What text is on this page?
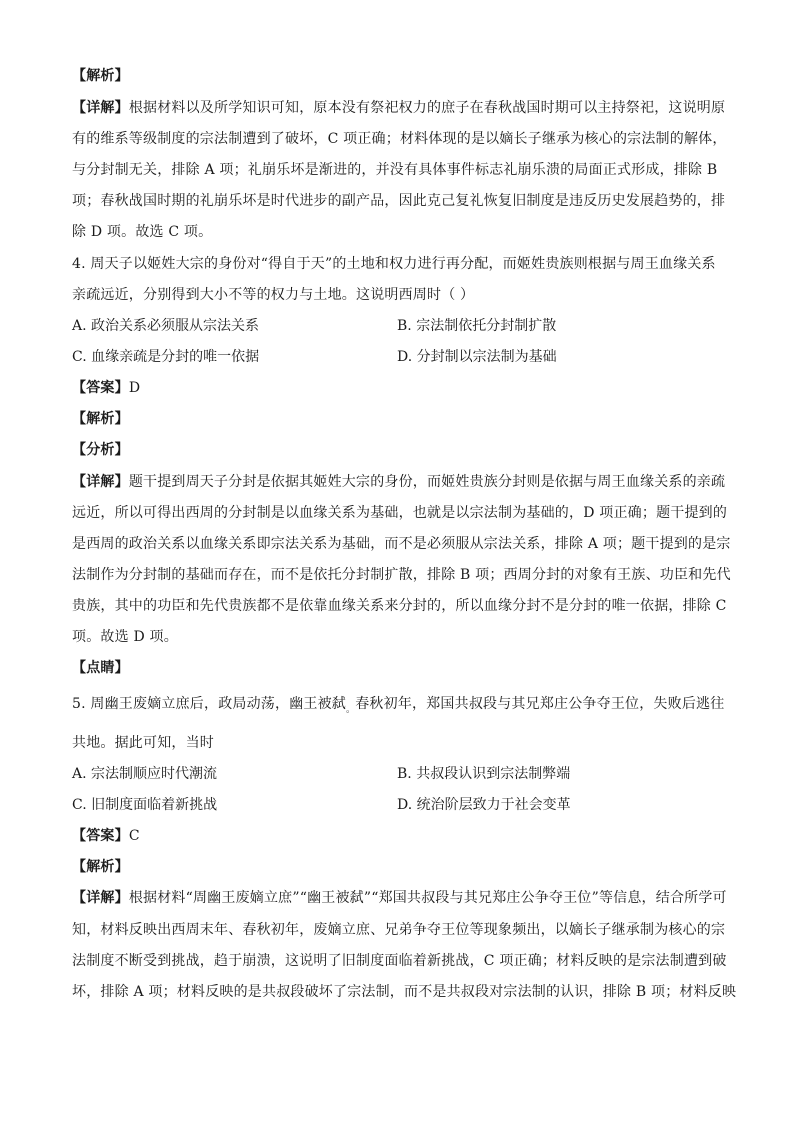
【解析】
【详解】根据材料以及所学知识可知，原本没有祭祀权力的庶子在春秋战国时期可以主持祭祀，这说明原
有的维系等级制度的宗法制遭到了破坏，C 项正确；材料体现的是以嫡长子继承为核心的宗法制的解体，
与分封制无关，排除 A 项；礼崩乐坏是渐进的，并没有具体事件标志礼崩乐溃的局面正式形成，排除 B
项；春秋战国时期的礼崩乐坏是时代进步的副产品，因此克己复礼恢复旧制度是违反历史发展趋势的，排
除 D 项。故选 C 项。
4. 周天子以姬姓大宗的身份对“得自于天”的土地和权力进行再分配，而姬姓贵族则根据与周王血缘关系
亲疏远近，分别得到大小不等的权力与土地。这说明西周时（ ）
A. 政治关系必须服从宗法关系	B. 宗法制依托分封制扩散
C. 血缘亲疏是分封的唯一依据	D. 分封制以宗法制为基础
【答案】D
【解析】
【分析】
【详解】题干提到周天子分封是依据其姬姓大宗的身份，而姬姓贵族分封则是依据与周王血缘关系的亲疏
远近，所以可得出西周的分封制是以血缘关系为基础，也就是以宗法制为基础的，D 项正确；题干提到的
是西周的政治关系以血缘关系即宗法关系为基础，而不是必须服从宗法关系，排除 A 项；题干提到的是宗
法制作为分封制的基础而存在，而不是依托分封制扩散，排除 B 项；西周分封的对象有王族、功臣和先代
贵族，其中的功臣和先代贵族都不是依靠血缘关系来分封的，所以血缘分封不是分封的唯一依据，排除 C
项。故选 D 项。
【点睛】
5. 周幽王废嫡立庶后，政局动荡，幽王被弑$_。$春秋初年，郑国共叔段与其兄郑庄公争夺王位，失败后逃往
共地。据此可知，当时
A. 宗法制顺应时代潮流	B. 共叔段认识到宗法制弊端
C. 旧制度面临着新挑战	D. 统治阶层致力于社会变革
【答案】C
【解析】
【详解】根据材料“周幽王废嫡立庶”“幽王被弑”“郑国共叔段与其兄郑庄公争夺王位”等信息，结合所学可
知，材料反映出西周末年、春秋初年，废嫡立庶、兄弟争夺王位等现象频出，以嫡长子继承制为核心的宗
法制度不断受到挑战，趋于崩溃，这说明了旧制度面临着新挑战，C 项正确；材料反映的是宗法制遭到破
坏，排除 A 项；材料反映的是共叔段破坏了宗法制，而不是共叔段对宗法制的认识，排除 B 项；材料反映
